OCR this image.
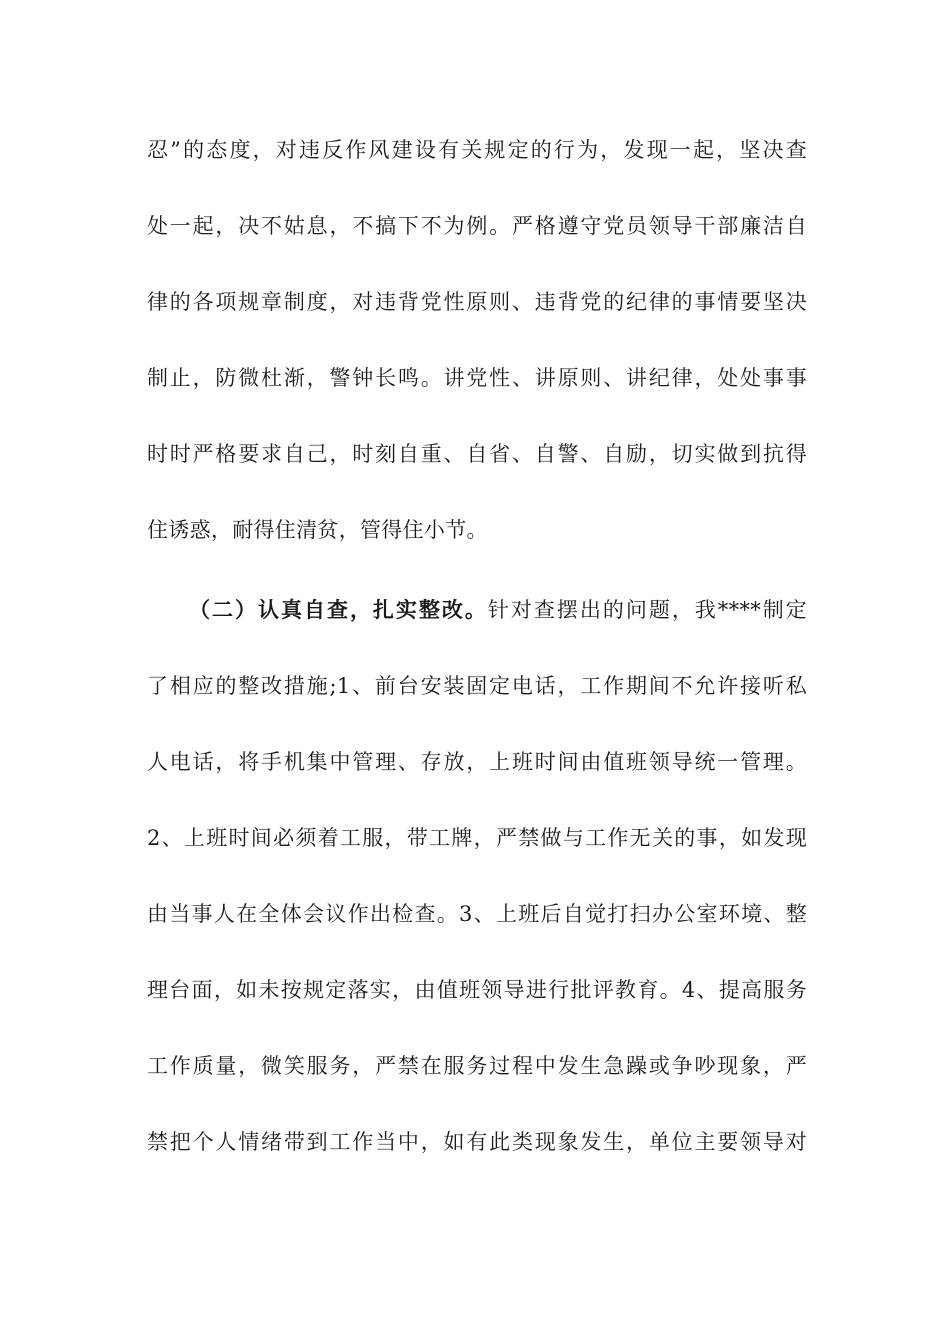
忍”的态度，对违反作风建设有关规定的行为，发现一起，坚决查
处一起，决不姑息，不搞下不为例。严格遵守党员领导干部廉洁自
律的各项规章制度，对违背党性原则、违背党的纪律的事情要坚决
制止，防微杜渐，警钟长鸣。讲党性、讲原则、讲纪律，处处事事
时时严格要求自己，时刻自重、自省、自警、自励，切实做到抗得
住诱惑，耐得住清贫，管得住小节。
（二）认真自查，扎实整改。针对查摆出的问题，我****制定
了相应的整改措施;1、前台安装固定电话，工作期间不允许接听私
人电话，将手机集中管理、存放，上班时间由值班领导统一管理。
2、上班时间必须着工服，带工牌，严禁做与工作无关的事，如发现
由当事人在全体会议作出检查。3、上班后自觉打扫办公室环境、整
理台面，如未按规定落实，由值班领导进行批评教育。4、提高服务
工作质量，微笑服务，严禁在服务过程中发生急躁或争吵现象，严
禁把个人情绪带到工作当中，如有此类现象发生，单位主要领导对
